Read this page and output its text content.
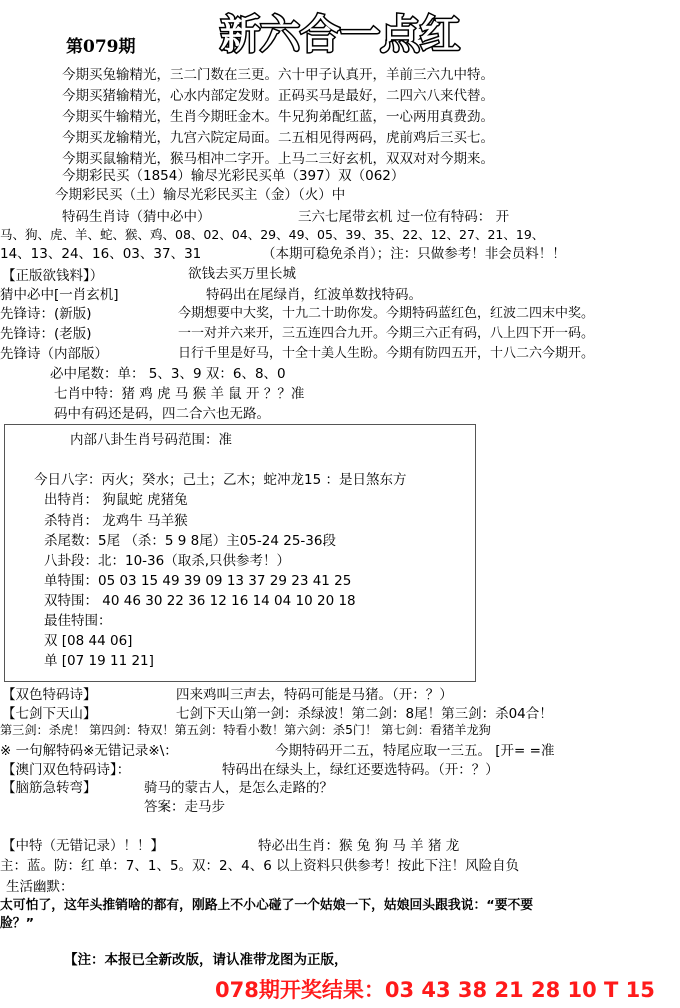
第079期 新六合一点红
今期买兔输精光，三二门数在三更。六十甲子认真开，羊前三六九中特。
今期买猪输精光，心水内部定发财。正码买马是最好，二四六八来代替。
今期买牛输精光，生肖今期旺金木。牛兄狗弟配红蓝，一心两用真费劲。
今期买龙输精光，九宫六院定局面。二五相见得两码，虎前鸡后三买七。
今期买鼠输精光，猴马相冲二字开。上马二三好玄机，双双对对今期来。
今期彩民买（1854）输尽光彩民买单（397）双（062）
今期彩民买（土）输尽光彩民买主（金）（火）中
特码生肖诗（猜中必中）	三六七尾带玄机 过一位有特码： 开
马、狗、虎、羊、蛇、猴、鸡、08、02、04、29、49、05、39、35、22、12、27、21、19、
14、13、24、16、03、37、31	（本期可稳免杀肖）；注：只做参考！非会员料！！
【正版欲钱料】）	欲钱去买万里长城
猜中必中[一肖玄机]	特码出在尾绿肖，红波单数找特码。
先锋诗：(新版)	今期想要中大奖，十九二十助你发。今期特码蓝红色，红波二四末中奖。
先锋诗：(老版)	一一对并六来开，三五连四合九开。今期三六正有码，八上四下开一码。
先锋诗（内部版）	日行千里是好马，十全十美人生盼。今期有防四五开，十八二六今期开。
必中尾数：单： 5、3、9 双：6、8、0
七肖中特：猪 鸡 虎 马 猴 羊 鼠 开 ？？准
码中有码还是码，四二合六也无路。
内部八卦生肖号码范围：准
今日八字：丙火；癸水；己土；乙木；蛇冲龙15 ：是日煞东方
出特肖： 狗鼠蛇 虎猪兔
杀特肖： 龙鸡牛 马羊猴
杀尾数：5尾 （杀：5 9 8尾）主05-24 25-36段
八卦段：北：10-36（取杀,只供参考！）
单特围：05 03 15 49 39 09 13 37 29 23 41 25
双特围： 40 46 30 22 36 12 16 14 04 10 20 18
最佳特围：
双 [08 44 06]
单 [07 19 11 21]
【双色特码诗】	四来鸡叫三声去，特码可能是马猪。（开：？）
【七剑下天山】	七剑下天山第一剑：杀绿波！第二剑：8尾！第三剑：杀04合！
第三剑：杀虎！ 第四剑：特双！第五剑：特看小数！第六剑：杀5门！ 第七剑：看猪羊龙狗
※ 一句解特码※无错记录※\：	今期特码开二五，特尾应取一三五。 [开= =准
【澳门双色特码诗】：	特码出在绿头上，绿红还要选特码。（开：？）
【脑筋急转弯】	骑马的蒙古人，是怎么走路的？
答案：走马步
【中特（无错记录）！！】	特必出生肖：猴 兔 狗 马 羊 猪 龙
主：蓝。防：红 单：7、1、5。双：2、4、6 以上资料只供参考！按此下注！风险自负
生活幽默：
太可怕了，这年头推销啥的都有，刚路上不小心碰了一个姑娘一下，姑娘回头跟我说：“要不要
脸？”
【注：本报已全新改版，请认准带龙图为正版，
078期开奖结果：03 43 38 21 28 10 T 15
